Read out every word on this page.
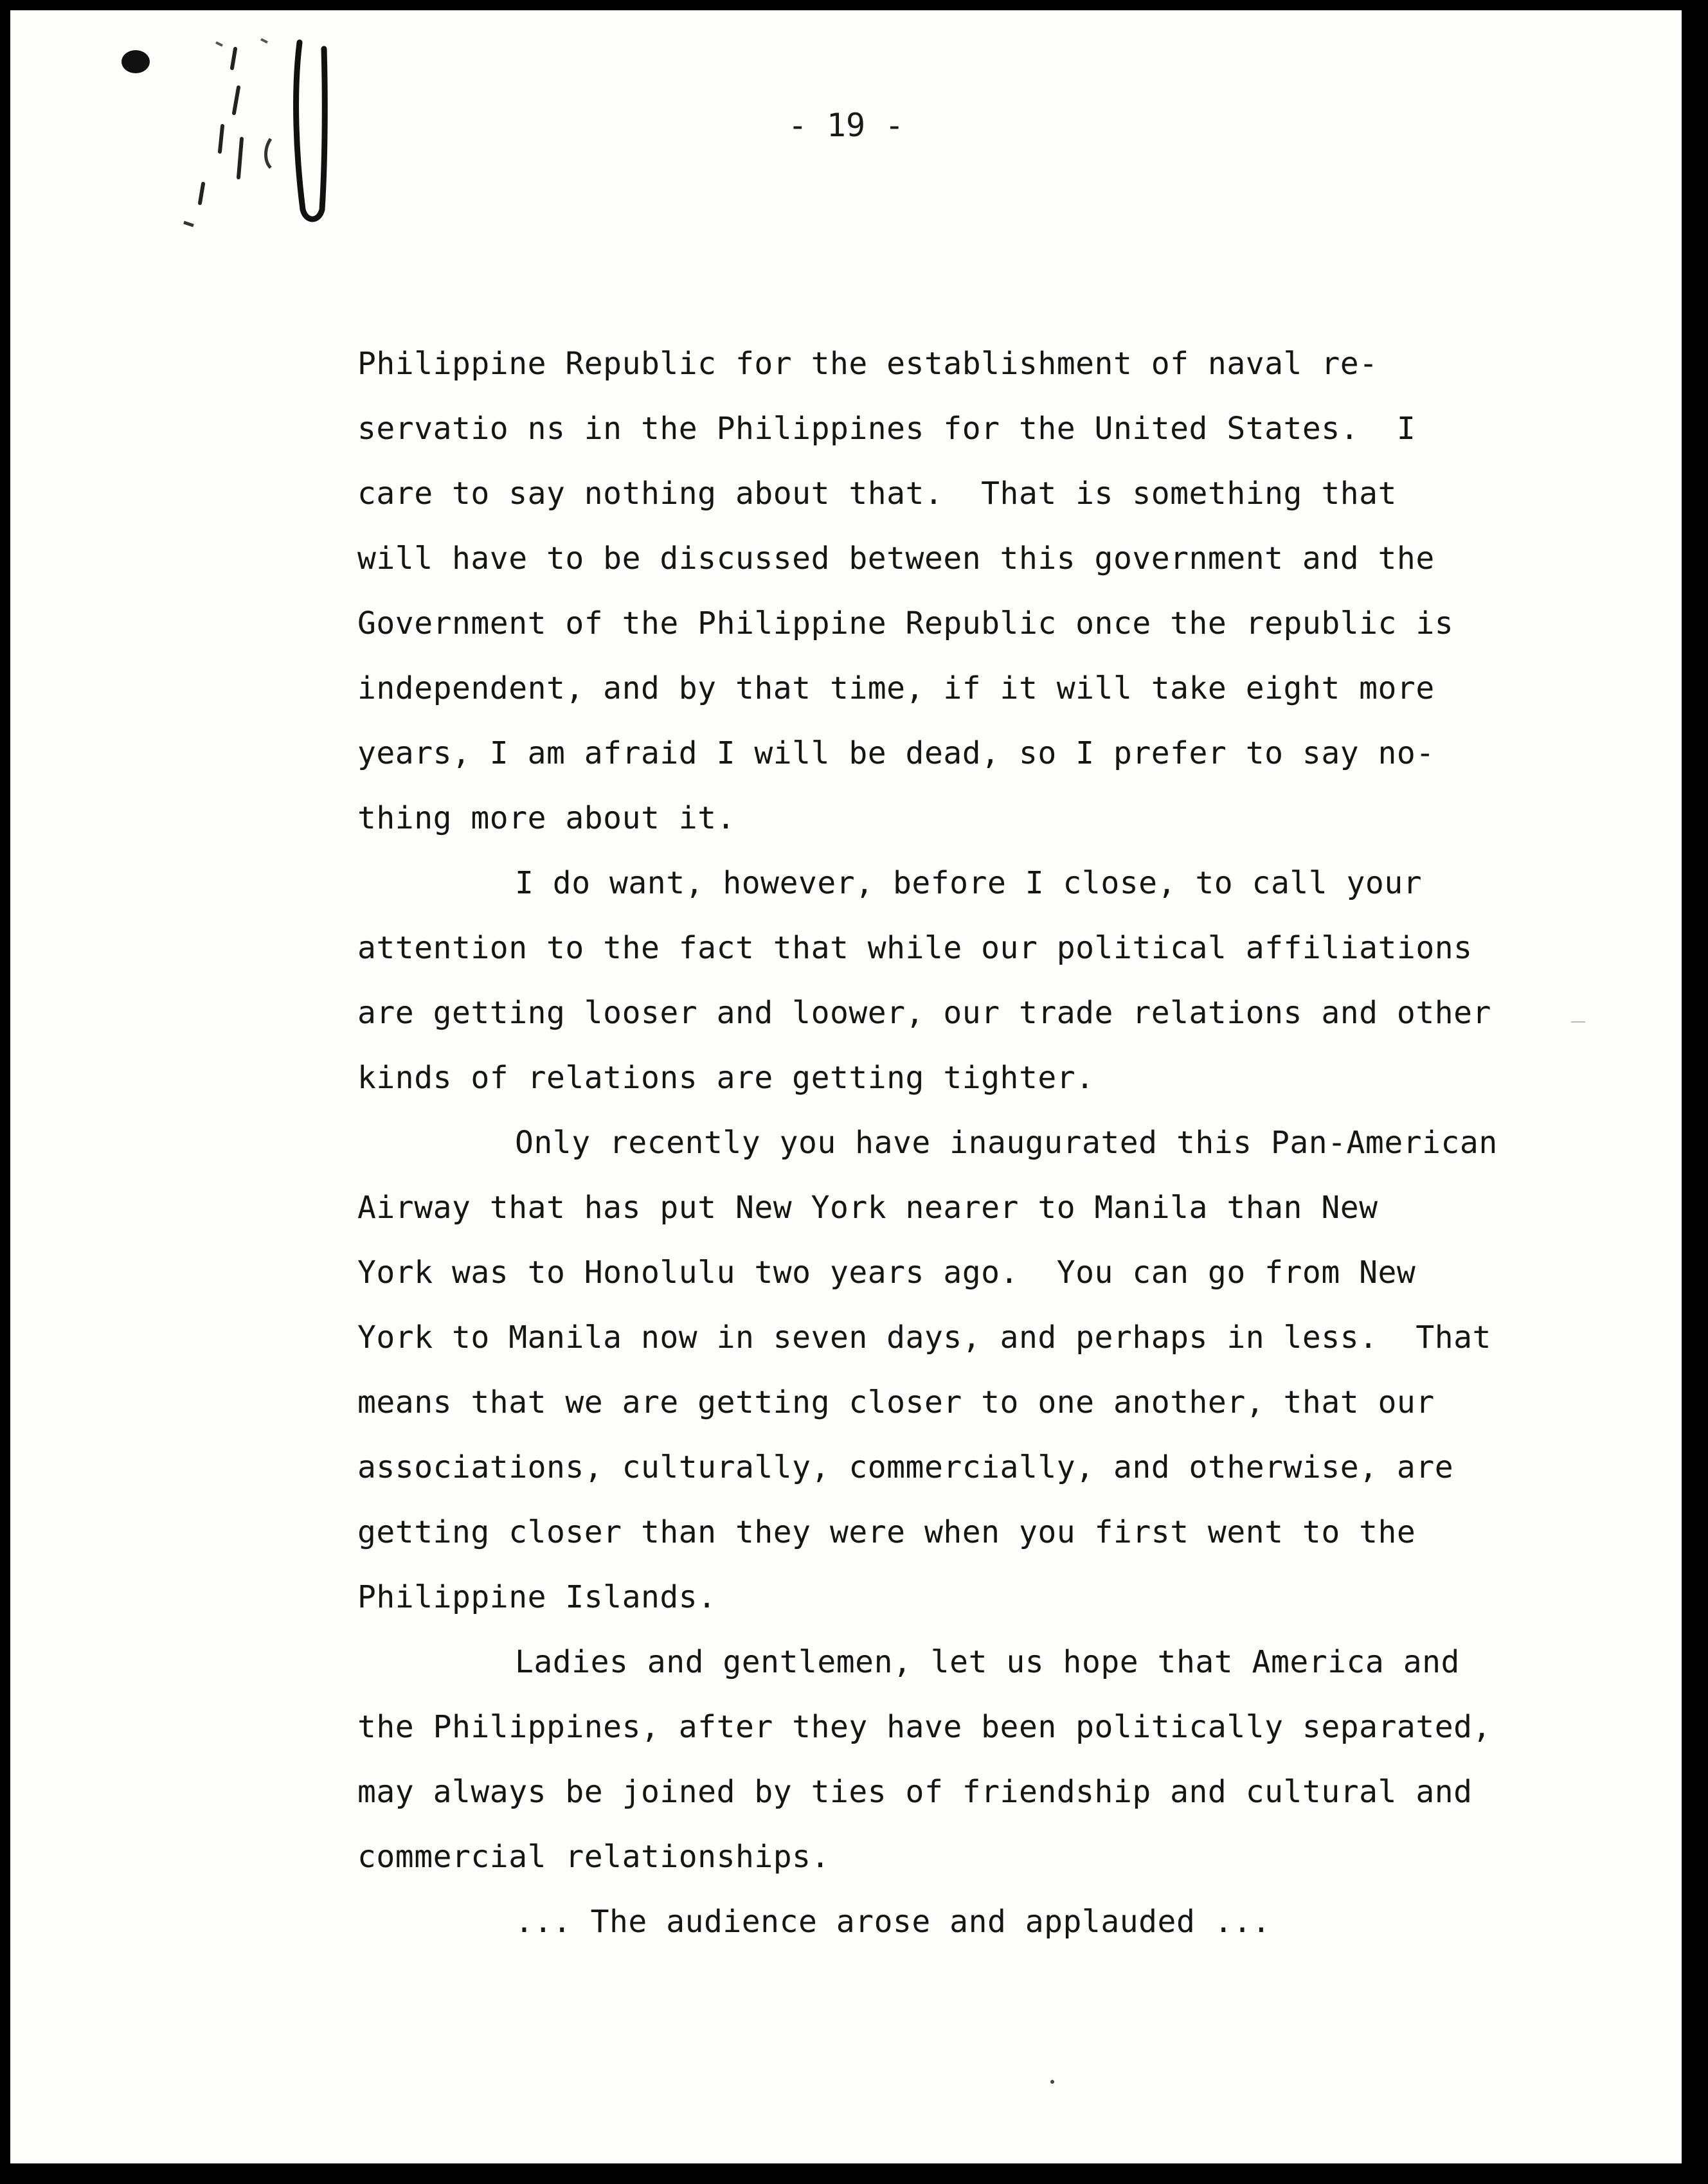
- 19 -
Philippine Republic for the establishment of naval re-
servatio ns in the Philippines for the United States.  I
care to say nothing about that.  That is something that
will have to be discussed between this government and the
Government of the Philippine Republic once the republic is
independent, and by that time, if it will take eight more
years, I am afraid I will be dead, so I prefer to say no-
thing more about it.
I do want, however, before I close, to call your
attention to the fact that while our political affiliations
are getting looser and loower, our trade relations and other
kinds of relations are getting tighter.
Only recently you have inaugurated this Pan-American
Airway that has put New York nearer to Manila than New
York was to Honolulu two years ago.  You can go from New
York to Manila now in seven days, and perhaps in less.  That
means that we are getting closer to one another, that our
associations, culturally, commercially, and otherwise, are
getting closer than they were when you first went to the
Philippine Islands.
Ladies and gentlemen, let us hope that America and
the Philippines, after they have been politically separated,
may always be joined by ties of friendship and cultural and
commercial relationships.
... The audience arose and applauded ...
